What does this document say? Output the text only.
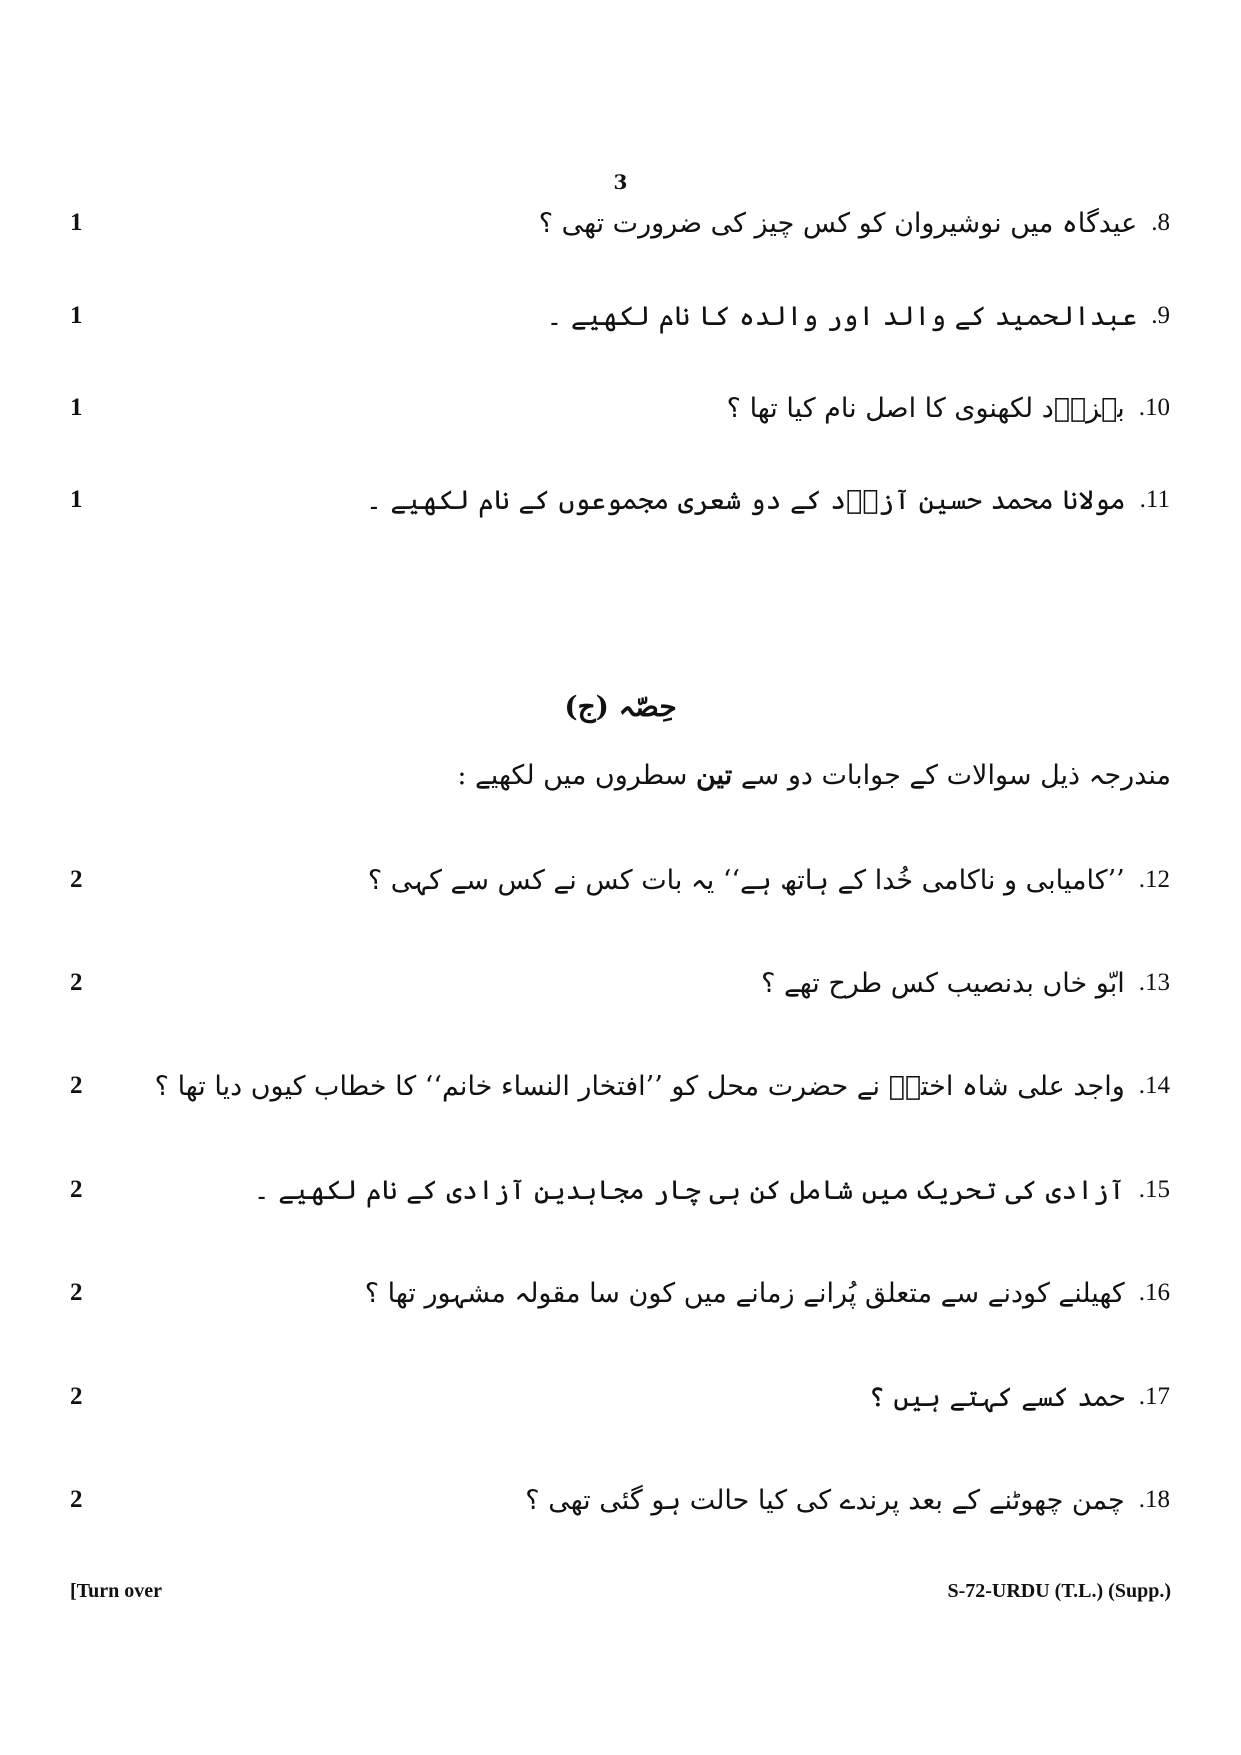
3
1	.8
عیدگاہ میں نوشیروان کو کس چیز کی ضرورت تھی ؟
1	.9
عبدالحمید کے والد اور والدہ کا نام لکھیے ۔
1	.10
بہزاؔد لکھنوی کا اصل نام کیا تھا ؟
1	.11
مولانا محمد حسین آزاؔد کے دو شعری مجموعوں کے نام لکھیے ۔
حِصّہ (ج)
مندرجہ ذیل سوالات کے جوابات دو سے تین سطروں میں لکھیے :
2	.12
’’کامیابی و ناکامی خُدا کے ہاتھ ہے‘‘ یہ بات کس نے کس سے کہی ؟
2	.13
ابّو خاں بدنصیب کس طرح تھے ؟
2	.14
واجد علی شاہ اخترؔ نے حضرت محل کو ’’افتخار النساء خانم‘‘ کا خطاب کیوں دیا تھا ؟
2	.15
آزادی کی تحریک میں شامل کن ہی چار مجاہدینِ آزادی کے نام لکھیے ۔
2	.16
کھیلنے کودنے سے متعلق پُرانے زمانے میں کون سا مقولہ مشہور تھا ؟
2	.17
حمد کسے کہتے ہیں ؟
2	.18
چمن چھوٹنے کے بعد پرندے کی کیا حالت ہو گئی تھی ؟
[Turn over	S-72-URDU (T.L.) (Supp.)
